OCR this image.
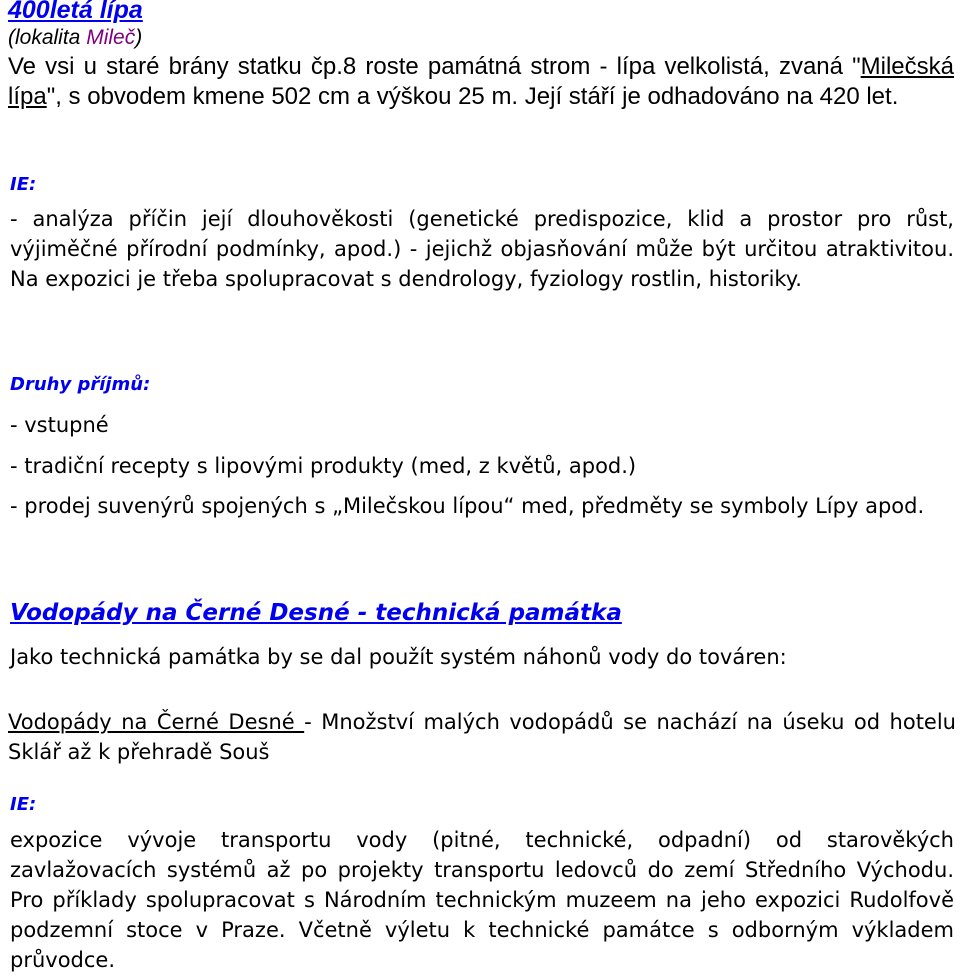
400letá lípa
(lokalita Mileč)
Ve vsi u staré brány statku čp.8 roste památná strom - lípa velkolistá, zvaná "Milečská lípa", s obvodem kmene 502 cm a výškou 25 m. Její stáří je odhadováno na 420 let.
IE:
- analýza příčin její dlouhověkosti (genetické predispozice, klid a prostor pro růst, výjiměčné přírodní podmínky, apod.) - jejichž objasňování může být určitou atraktivitou. Na expozici je třeba spolupracovat s dendrology, fyziology rostlin, historiky.
Druhy příjmů:
- vstupné
- tradiční recepty s lipovými produkty (med, z květů, apod.)
- prodej suvenýrů spojených s „Milečskou lípou“ med, předměty se symboly Lípy apod.
Vodopády na Černé Desné - technická památka
Jako technická památka by se dal použít systém náhonů vody do továren:
Vodopády na Černé Desné - Množství malých vodopádů se nachází na úseku od hotelu Sklář až k přehradě Souš
IE:
expozice vývoje transportu vody (pitné, technické, odpadní) od starověkých zavlažovacích systémů až po projekty transportu ledovců do zemí Středního Východu. Pro příklady spolupracovat s Národním technickým muzeem na jeho expozici Rudolfově podzemní stoce v Praze. Včetně výletu k technické památce s odborným výkladem průvodce.
